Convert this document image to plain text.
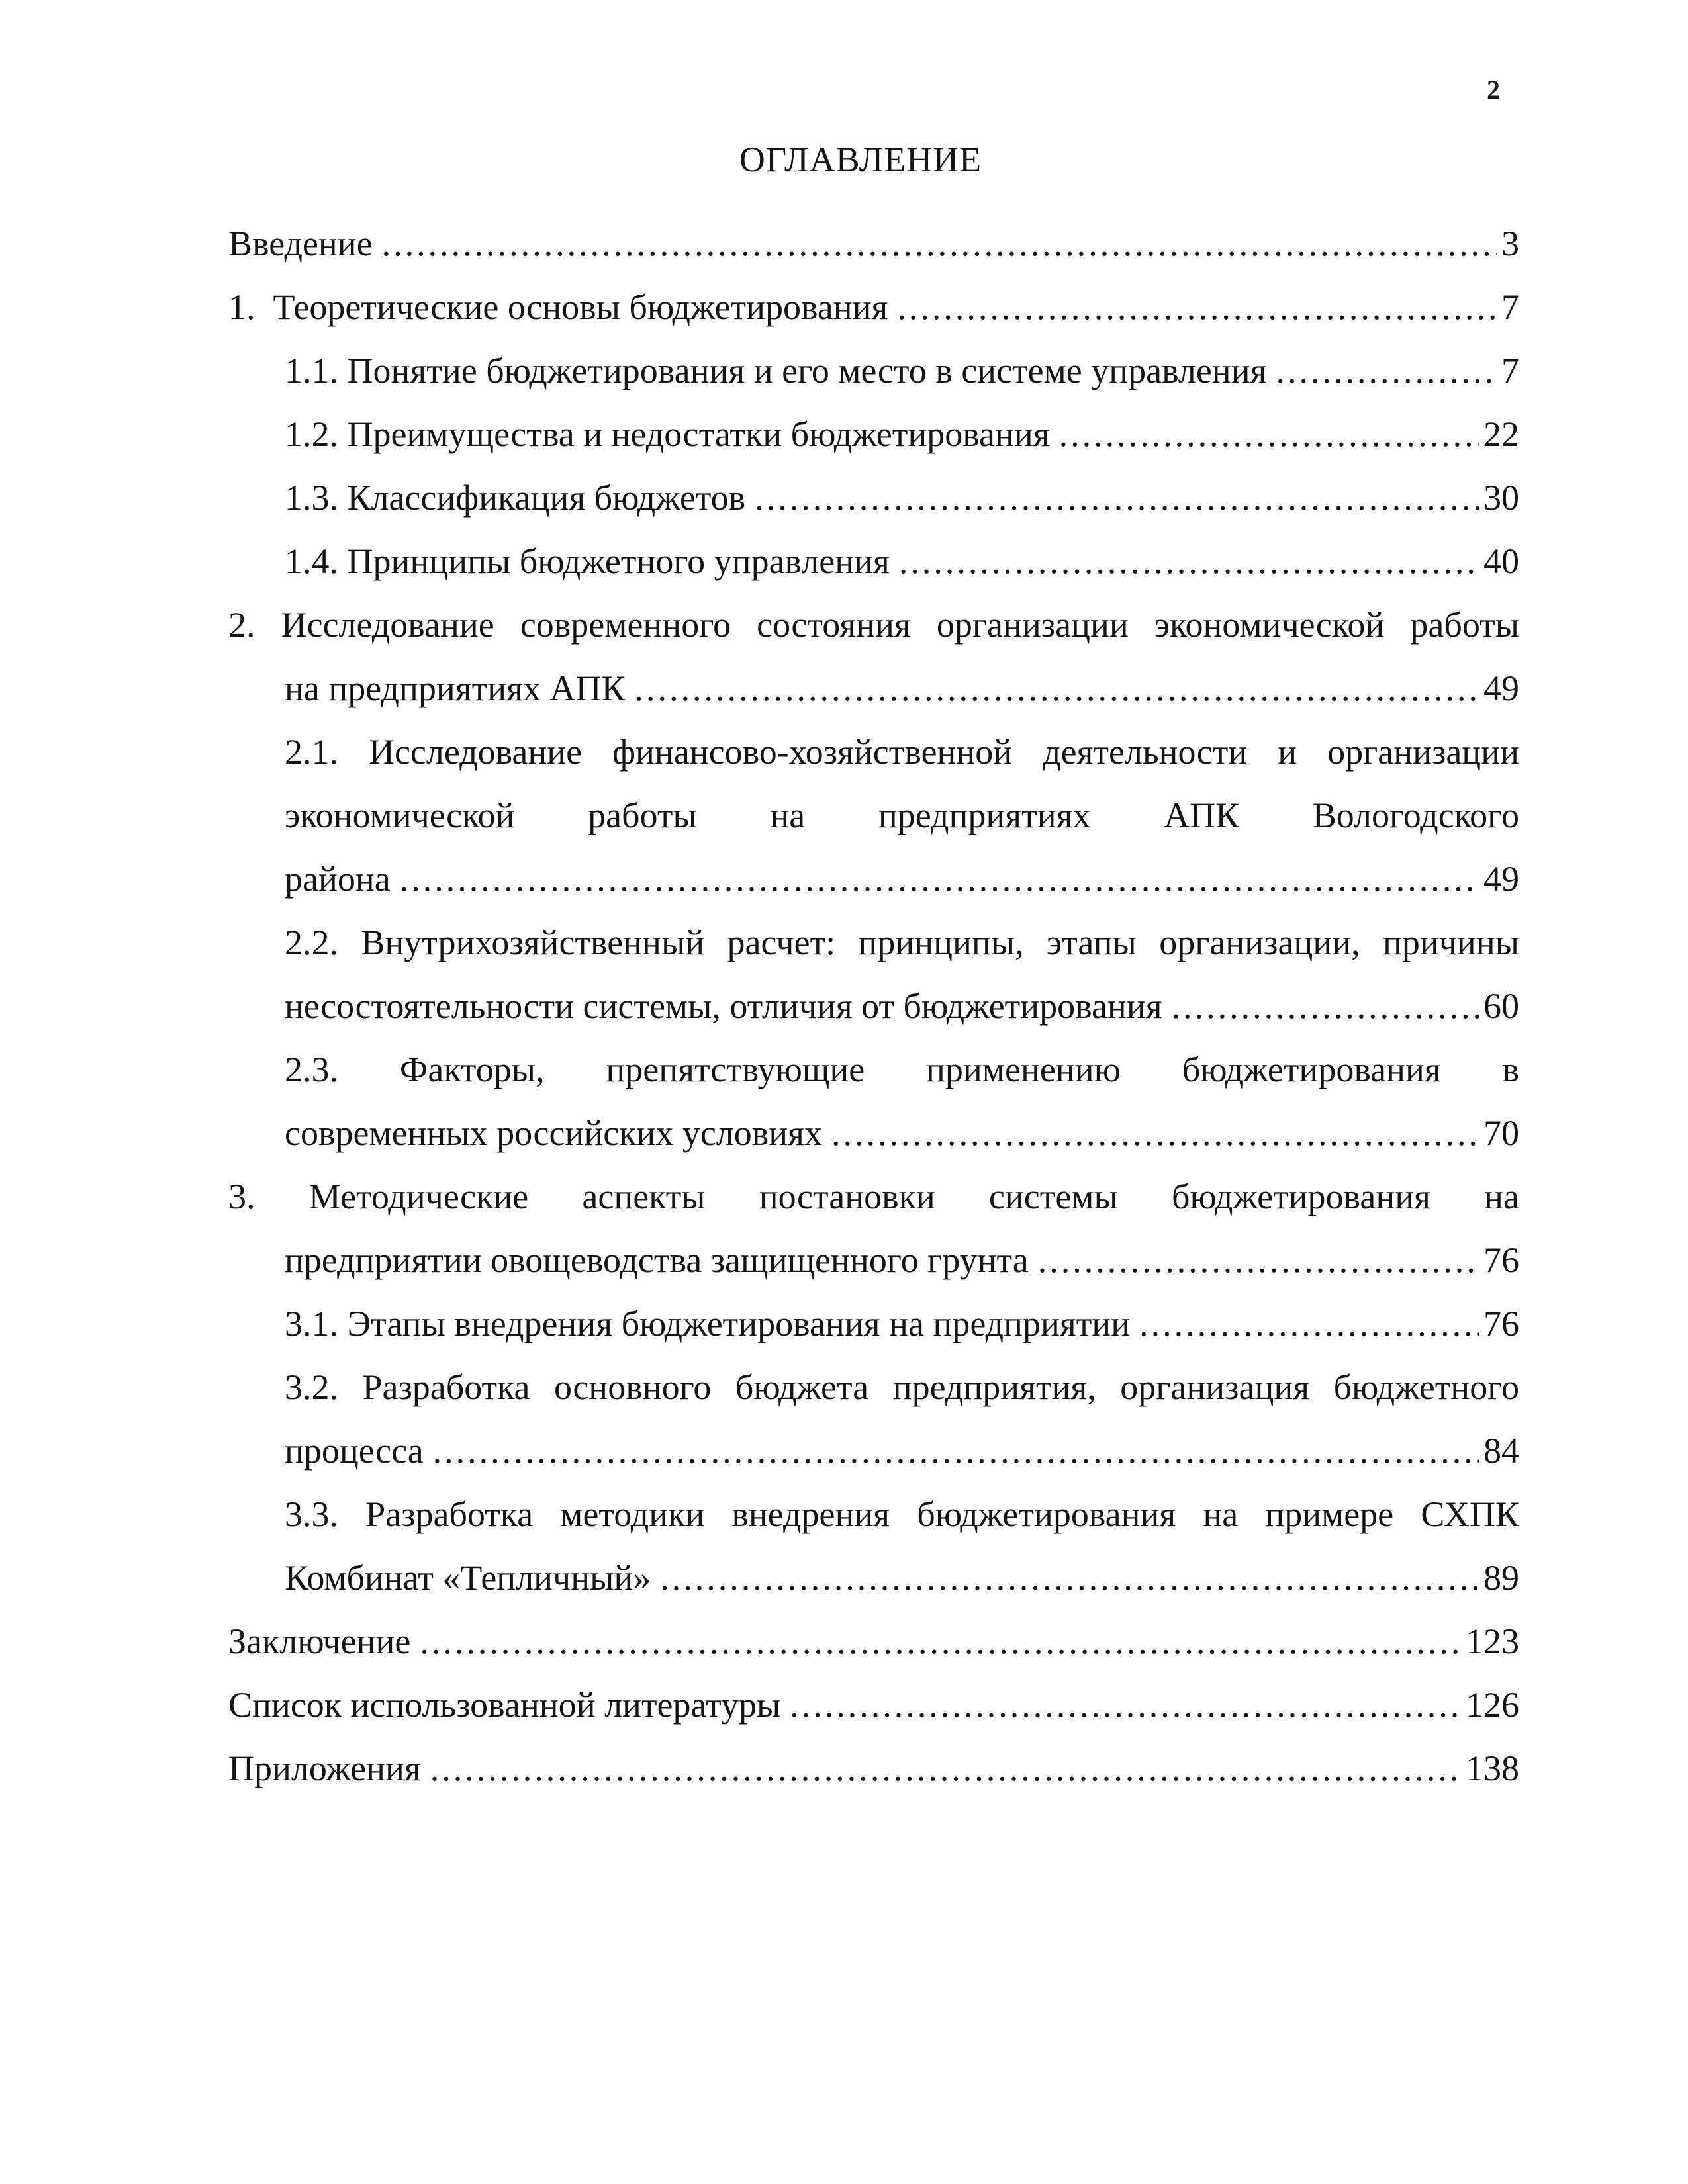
2
ОГЛАВЛЕНИЕ
Введение .....	3
1.  Теоретические основы бюджетирования .....	7
1.1. Понятие бюджетирования и его место в системе управления .....	7
1.2. Преимущества и недостатки бюджетирования .....	22
1.3. Классификация бюджетов .....	30
1.4. Принципы бюджетного управления .....	40
2. Исследование современного состояния организации экономической работы
на предприятиях АПК .....	49
2.1. Исследование финансово-хозяйственной деятельности и организации
экономической работы на предприятиях АПК Вологодского
района .....	49
2.2. Внутрихозяйственный расчет: принципы, этапы организации, причины
несостоятельности системы, отличия от бюджетирования .....	60
2.3. Факторы, препятствующие применению бюджетирования в
современных российских условиях .....	70
3. Методические аспекты постановки системы бюджетирования на
предприятии овощеводства защищенного грунта .....	76
3.1. Этапы внедрения бюджетирования на предприятии .....	76
3.2. Разработка основного бюджета предприятия, организация бюджетного
процесса .....	84
3.3. Разработка методики внедрения бюджетирования на примере СХПК
Комбинат «Тепличный» .....	89
Заключение .....	123
Список использованной литературы .....	126
Приложения .....	138
